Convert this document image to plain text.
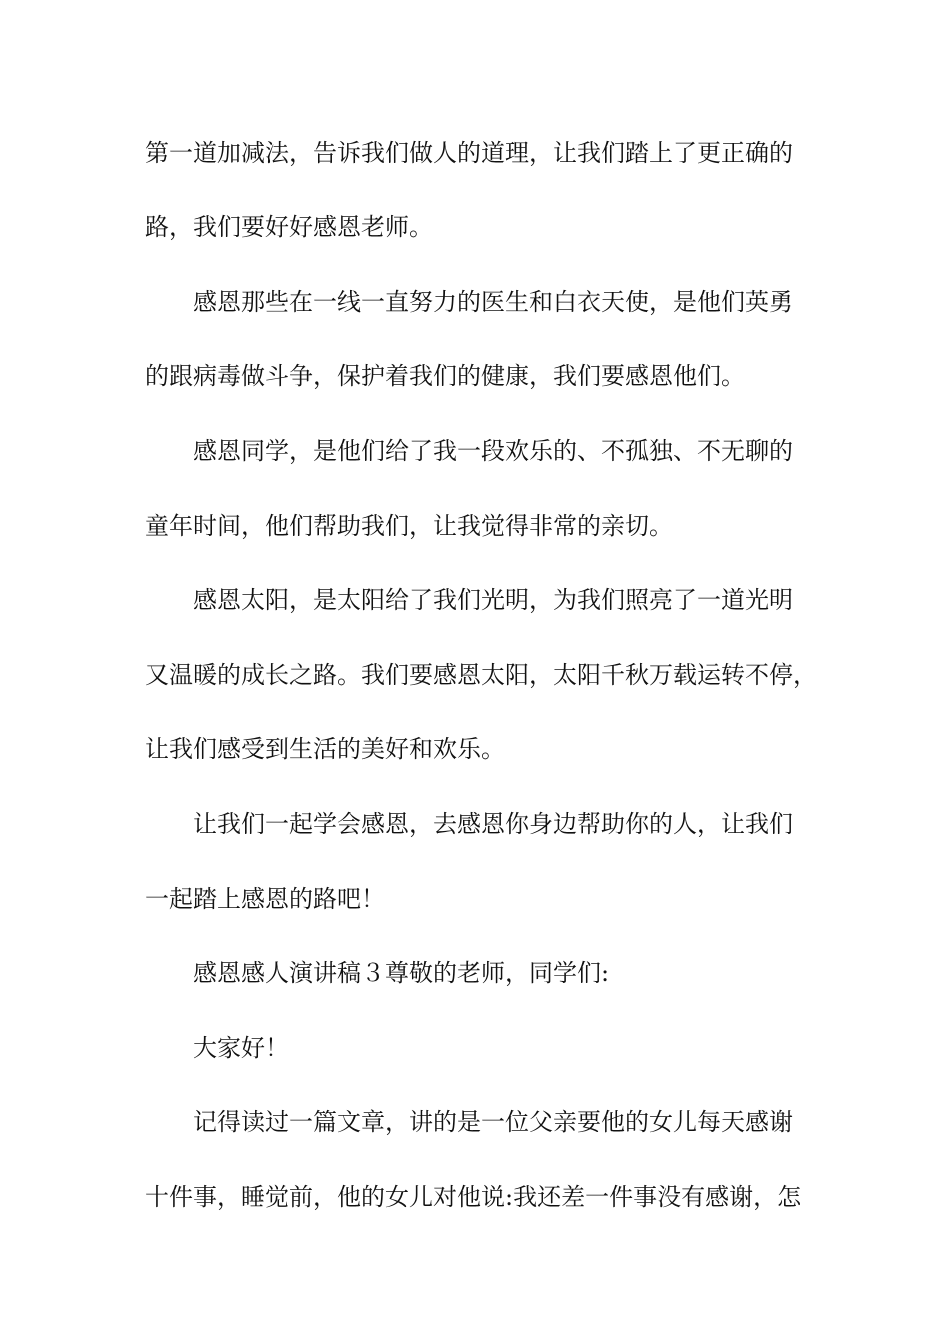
第一道加减法，告诉我们做人的道理，让我们踏上了更正确的

路，我们要好好感恩老师。

感恩那些在一线一直努力的医生和白衣天使，是他们英勇

的跟病毒做斗争，保护着我们的健康，我们要感恩他们。

感恩同学，是他们给了我一段欢乐的、不孤独、不无聊的

童年时间，他们帮助我们，让我觉得非常的亲切。

感恩太阳，是太阳给了我们光明，为我们照亮了一道光明

又温暖的成长之路。我们要感恩太阳，太阳千秋万载运转不停，

让我们感受到生活的美好和欢乐。

让我们一起学会感恩，去感恩你身边帮助你的人，让我们

一起踏上感恩的路吧！

感恩感人演讲稿３尊敬的老师，同学们:

大家好！

记得读过一篇文章，讲的是一位父亲要他的女儿每天感谢

十件事，睡觉前，他的女儿对他说:我还差一件事没有感谢，怎
